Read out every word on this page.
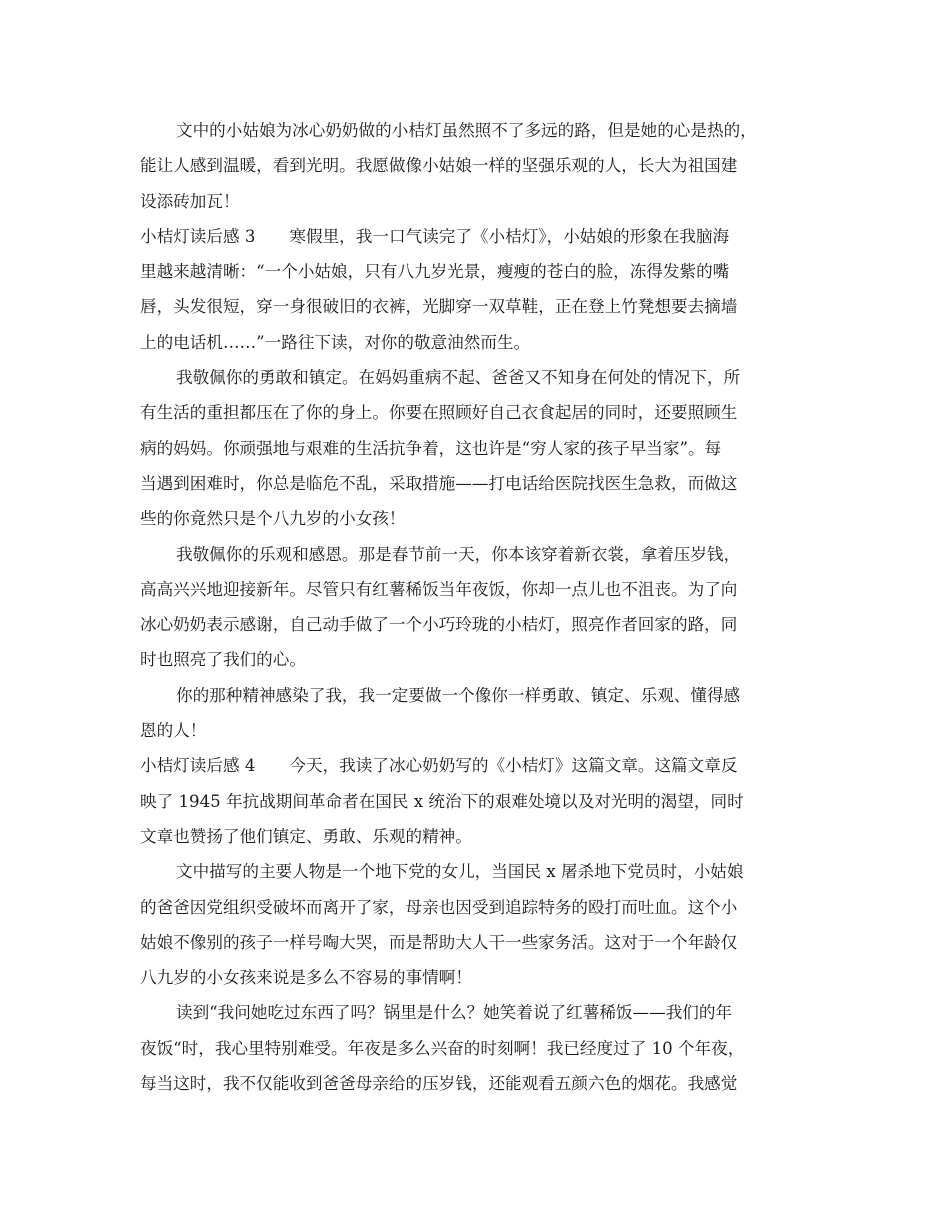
文中的小姑娘为冰心奶奶做的小桔灯虽然照不了多远的路，但是她的心是热的，
能让人感到温暖，看到光明。我愿做像小姑娘一样的坚强乐观的人，长大为祖国建
设添砖加瓦！
小桔灯读后感 3 寒假里，我一口气读完了《小桔灯》，小姑娘的形象在我脑海
里越来越清晰：“一个小姑娘，只有八九岁光景，瘦瘦的苍白的脸，冻得发紫的嘴
唇，头发很短，穿一身很破旧的衣裤，光脚穿一双草鞋，正在登上竹凳想要去摘墙
上的电话机……”一路往下读，对你的敬意油然而生。
我敬佩你的勇敢和镇定。在妈妈重病不起、爸爸又不知身在何处的情况下，所
有生活的重担都压在了你的身上。你要在照顾好自己衣食起居的同时，还要照顾生
病的妈妈。你顽强地与艰难的生活抗争着，这也许是“穷人家的孩子早当家”。每
当遇到困难时，你总是临危不乱，采取措施——打电话给医院找医生急救，而做这
些的你竟然只是个八九岁的小女孩！
我敬佩你的乐观和感恩。那是春节前一天，你本该穿着新衣裳，拿着压岁钱，
高高兴兴地迎接新年。尽管只有红薯稀饭当年夜饭，你却一点儿也不沮丧。为了向
冰心奶奶表示感谢，自己动手做了一个小巧玲珑的小桔灯，照亮作者回家的路，同
时也照亮了我们的心。
你的那种精神感染了我，我一定要做一个像你一样勇敢、镇定、乐观、懂得感
恩的人！
小桔灯读后感 4 今天，我读了冰心奶奶写的《小桔灯》这篇文章。这篇文章反
映了 1945 年抗战期间革命者在国民 x 统治下的艰难处境以及对光明的渴望，同时
文章也赞扬了他们镇定、勇敢、乐观的精神。
文中描写的主要人物是一个地下党的女儿，当国民 x 屠杀地下党员时，小姑娘
的爸爸因党组织受破坏而离开了家，母亲也因受到追踪特务的殴打而吐血。这个小
姑娘不像别的孩子一样号啕大哭，而是帮助大人干一些家务活。这对于一个年龄仅
八九岁的小女孩来说是多么不容易的事情啊！
读到“我问她吃过东西了吗？锅里是什么？她笑着说了红薯稀饭——我们的年
夜饭“时，我心里特别难受。年夜是多么兴奋的时刻啊！我已经度过了 10 个年夜，
每当这时，我不仅能收到爸爸母亲给的压岁钱，还能观看五颜六色的烟花。我感觉
